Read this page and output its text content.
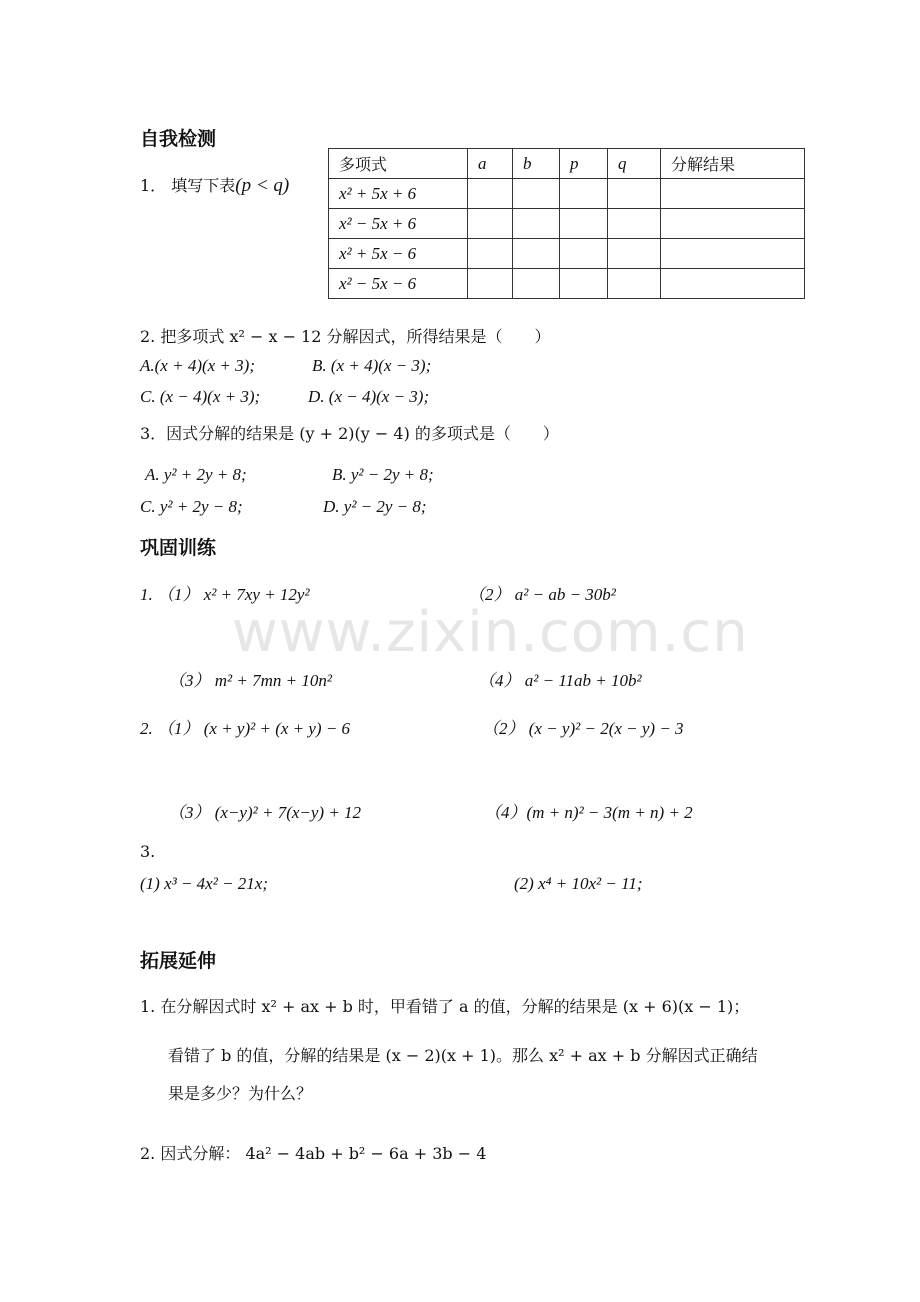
www.zixin.com.cn
自我检测
1． 填写下表(p < q)
多项式	a	b	p	q	分解结果
x² + 5x + 6					
x² − 5x + 6					
x² + 5x − 6					
x² − 5x − 6					
2. 把多项式 x² − x − 12 分解因式，所得结果是（　　）
A.(x + 4)(x + 3);	B. (x + 4)(x − 3);
C. (x − 4)(x + 3);	D. (x − 4)(x − 3);
3．因式分解的结果是 (y + 2)(y − 4) 的多项式是（　　）
A. y² + 2y + 8;	B. y² − 2y + 8;
C. y² + 2y − 8;	D. y² − 2y − 8;
巩固训练
1. （1） x² + 7xy + 12y²	（2） a² − ab − 30b²
（3） m² + 7mn + 10n²	（4） a² − 11ab + 10b²
2. （1） (x + y)² + (x + y) − 6	（2） (x − y)² − 2(x − y) − 3
（3） (x−y)² + 7(x−y) + 12	（4）(m + n)² − 3(m + n) + 2
3.
(1) x³ − 4x² − 21x;	(2) x⁴ + 10x² − 11;
拓展延伸
1. 在分解因式时 x² + ax + b 时，甲看错了 a 的值，分解的结果是 (x + 6)(x − 1)；
看错了 b 的值，分解的结果是 (x − 2)(x + 1)。那么 x² + ax + b 分解因式正确结
果是多少？为什么？
2. 因式分解： 4a² − 4ab + b² − 6a + 3b − 4
